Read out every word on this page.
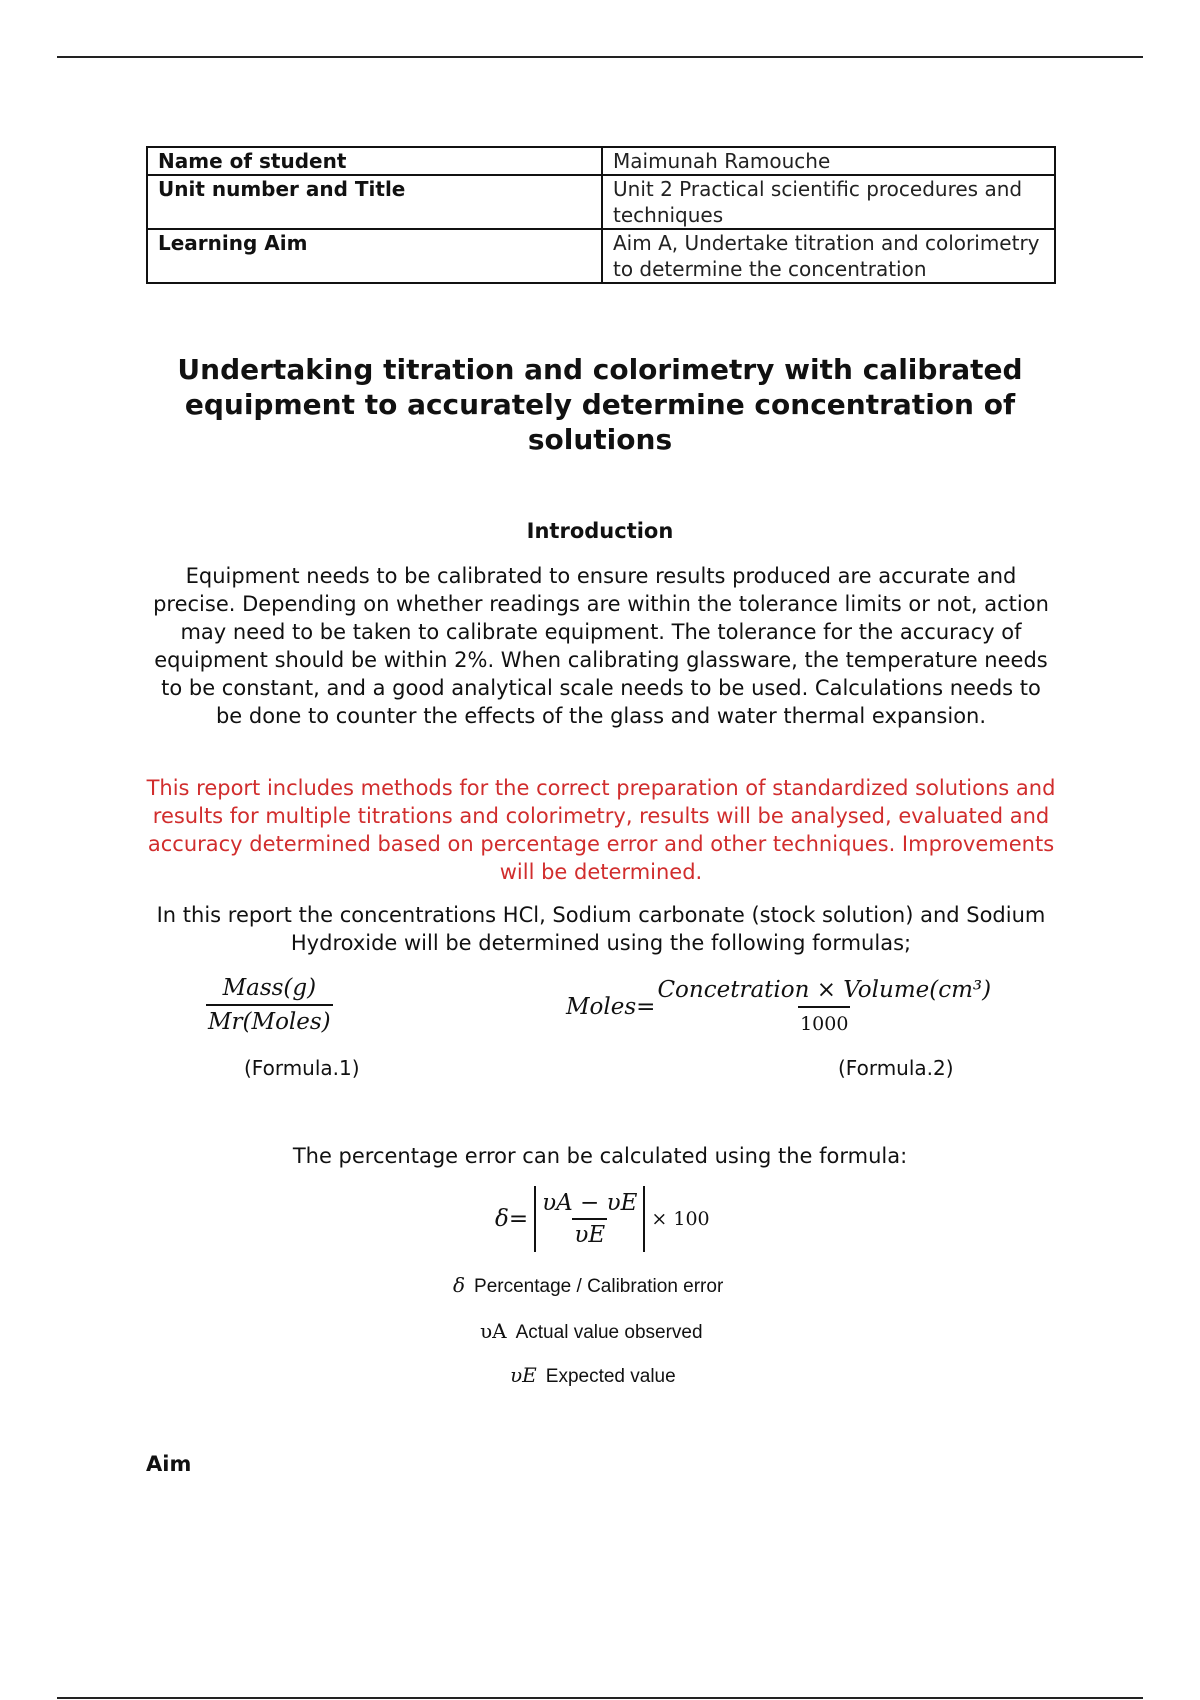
Name of student	Maimunah Ramouche
Unit number and Title	Unit 2 Practical scientific procedures and techniques
Learning Aim	Aim A, Undertake titration and colorimetry to determine the concentration
Undertaking titration and colorimetry with calibrated equipment to accurately determine concentration of solutions
Introduction

Equipment needs to be calibrated to ensure results produced are accurate and precise. Depending on whether readings are within the tolerance limits or not, action may need to be taken to calibrate equipment. The tolerance for the accuracy of equipment should be within 2%. When calibrating glassware, the temperature needs to be constant, and a good analytical scale needs to be used. Calculations needs to be done to counter the effects of the glass and water thermal expansion.

This report includes methods for the correct preparation of standardized solutions and results for multiple titrations and colorimetry, results will be analysed, evaluated and accuracy determined based on percentage error and other techniques. Improvements will be determined.

In this report the concentrations HCl, Sodium carbonate (stock solution) and Sodium Hydroxide will be determined using the following formulas;

$\frac{\text{Mass(g)}}{\text{Mr(Moles)}}$	Moles= $\frac{\text{Concetration × Volume(cm³)}}{1000}$

(Formula.1)	(Formula.2)

The percentage error can be calculated using the formula:

$\delta= \frac{\upsilon A - \upsilon E}{\upsilon E} \times 100$

δ Percentage / Calibration error

υA Actual value observed

υE Expected value

Aim
